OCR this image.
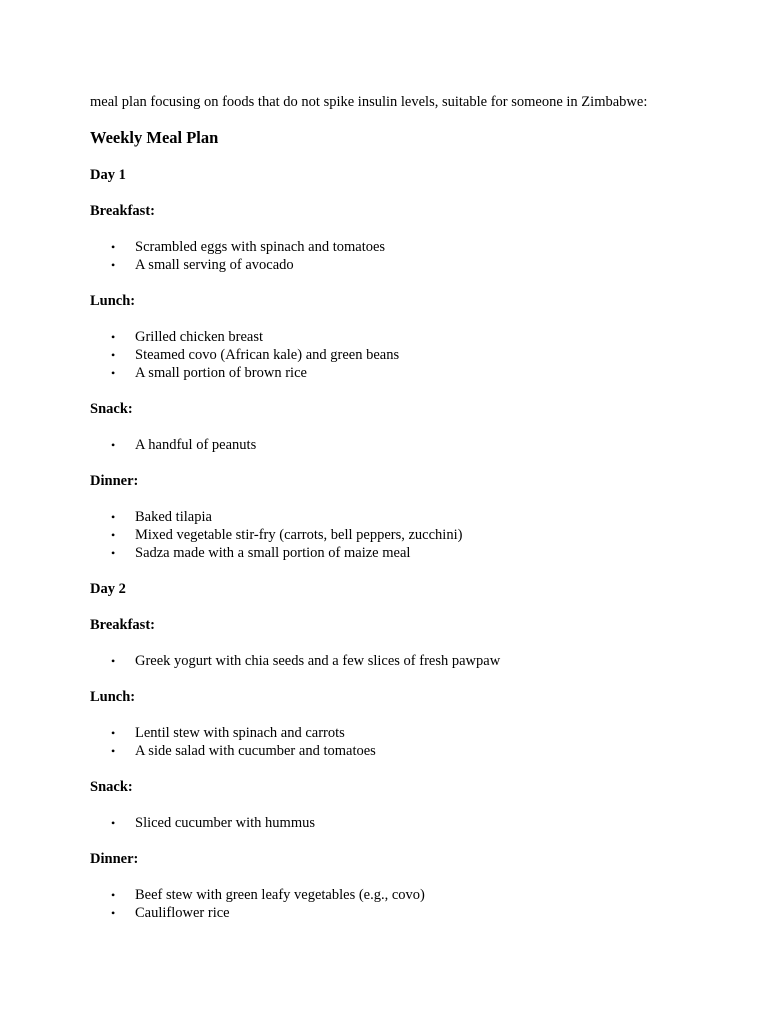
meal plan focusing on foods that do not spike insulin levels, suitable for someone in Zimbabwe:

Weekly Meal Plan
Day 1
Breakfast:
• Scrambled eggs with spinach and tomatoes
• A small serving of avocado
Lunch:
• Grilled chicken breast
• Steamed covo (African kale) and green beans
• A small portion of brown rice
Snack:
• A handful of peanuts
Dinner:
• Baked tilapia
• Mixed vegetable stir-fry (carrots, bell peppers, zucchini)
• Sadza made with a small portion of maize meal
Day 2
Breakfast:
• Greek yogurt with chia seeds and a few slices of fresh pawpaw
Lunch:
• Lentil stew with spinach and carrots
• A side salad with cucumber and tomatoes
Snack:
• Sliced cucumber with hummus
Dinner:
• Beef stew with green leafy vegetables (e.g., covo)
• Cauliflower rice
